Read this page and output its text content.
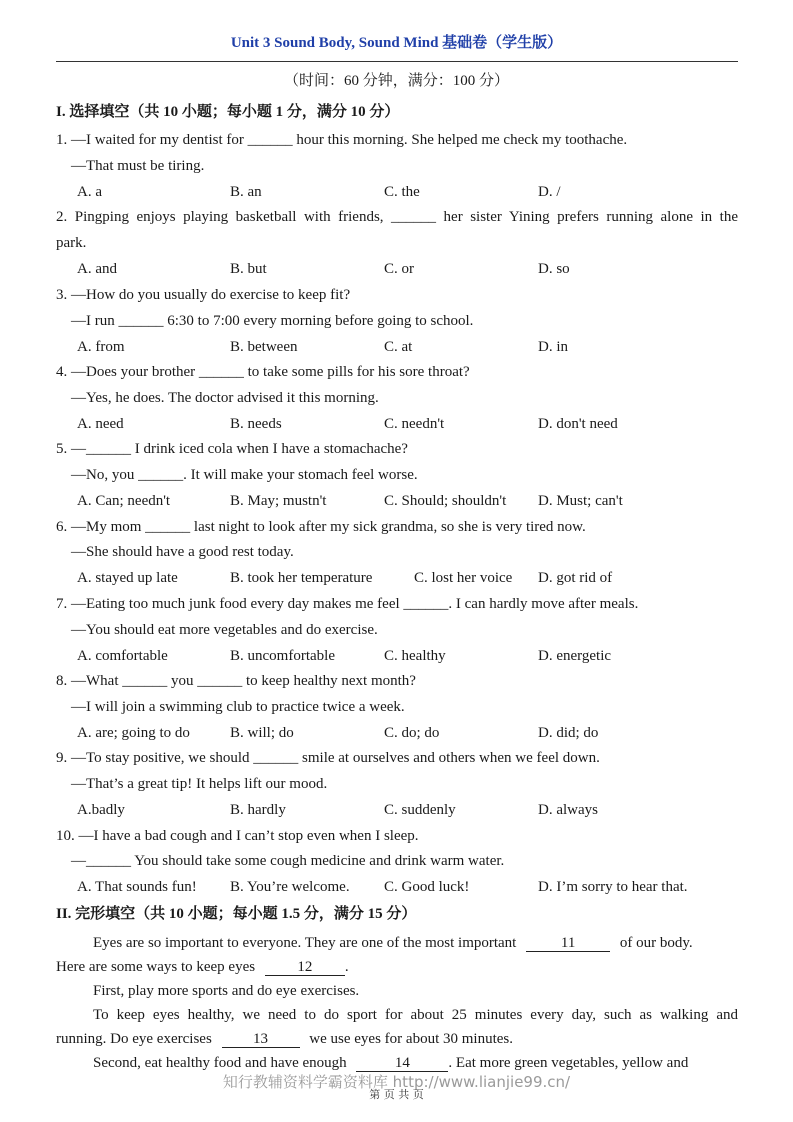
Unit 3 Sound Body, Sound Mind 基础卷（学生版）
（时间：60 分钟，满分：100 分）
I. 选择填空（共 10 小题；每小题 1 分，满分 10 分）
1. —I waited for my dentist for ______ hour this morning. She helped me check my toothache.
—That must be tiring.
A. a	B. an	C. the	D. /
2. Pingping enjoys playing basketball with friends, ______ her sister Yining prefers running alone in the
park.
A. and	B. but	C. or	D. so
3. —How do you usually do exercise to keep fit?
—I run ______ 6:30 to 7:00 every morning before going to school.
A. from	B. between	C. at	D. in
4. —Does your brother ______ to take some pills for his sore throat?
—Yes, he does. The doctor advised it this morning.
A. need	B. needs	C. needn't	D. don't need
5. —______ I drink iced cola when I have a stomachache?
—No, you ______. It will make your stomach feel worse.
A. Can; needn't	B. May; mustn't	C. Should; shouldn't D. Must; can't
6. —My mom ______ last night to look after my sick grandma, so she is very tired now.
—She should have a good rest today.
A. stayed up late	B. took her temperature	C. lost her voice D. got rid of
7. —Eating too much junk food every day makes me feel ______. I can hardly move after meals.
—You should eat more vegetables and do exercise.
A. comfortable	B. uncomfortable	C. healthy	D. energetic
8. —What ______ you ______ to keep healthy next month?
—I will join a swimming club to practice twice a week.
A. are; going to do	B. will; do	C. do; do	D. did; do
9. —To stay positive, we should ______ smile at ourselves and others when we feel down.
—That’s a great tip! It helps lift our mood.
A.badly	B. hardly	C. suddenly	D. always
10. —I have a bad cough and I can’t stop even when I sleep.
—______ You should take some cough medicine and drink warm water.
A. That sounds fun! B. You’re welcome. C. Good luck!	D. I’m sorry to hear that.
II. 完形填空（共 10 小题；每小题 1.5 分，满分 15 分）
Eyes are so important to everyone. They are one of the most important	11	of our body.
Here are some ways to keep eyes	12 .
First, play more sports and do eye exercises.
To keep eyes healthy, we need to do sport for about 25 minutes every day, such as walking and
running. Do eye exercises	13	we use eyes for about 30 minutes.
Second, eat healthy food and have enough	14	. Eat more green vegetables, yellow and
知行教辅资料学霸资料库 http://www.lianjie99.cn/
第 页 共 页
